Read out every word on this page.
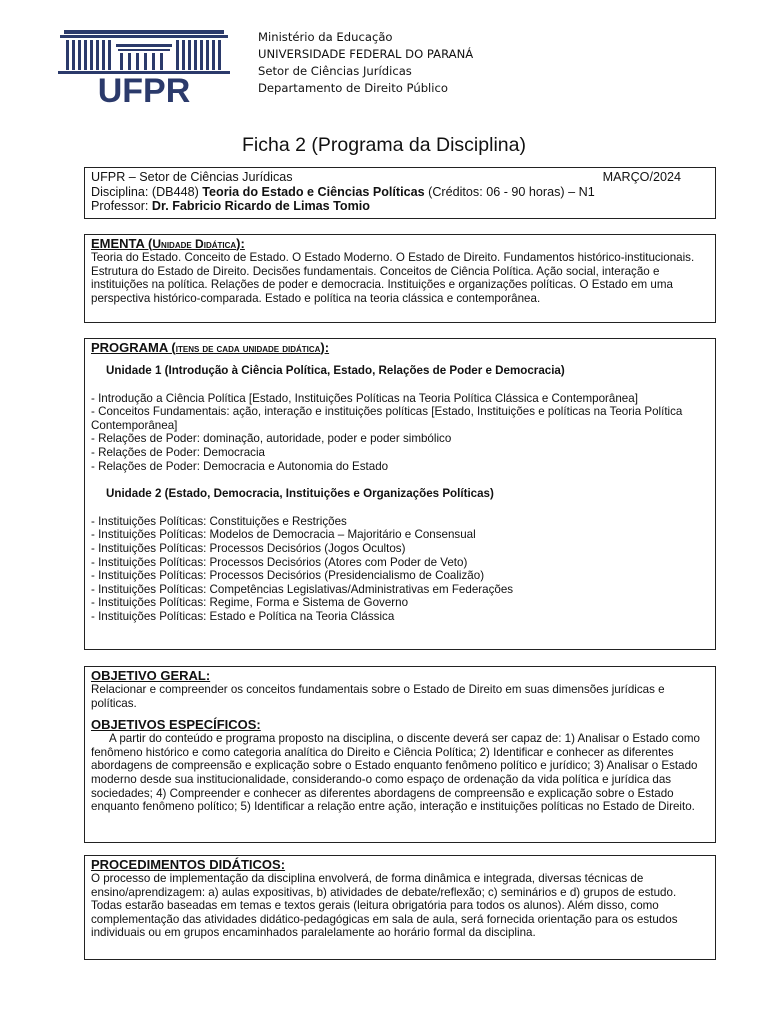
UFPR
Ministério da Educação
UNIVERSIDADE FEDERAL DO PARANÁ
Setor de Ciências Jurídicas
Departamento de Direito Público
Ficha 2 (Programa da Disciplina)
UFPR – Setor de Ciências Jurídicas	MARÇO/2024
Disciplina: (DB448) Teoria do Estado e Ciências Políticas (Créditos: 06 - 90 horas) – N1
Professor: Dr. Fabricio Ricardo de Limas Tomio
EMENTA (Unidade Didática):

Teoria do Estado. Conceito de Estado. O Estado Moderno. O Estado de Direito. Fundamentos histórico-institucionais. Estrutura do Estado de Direito. Decisões fundamentais. Conceitos de Ciência Política. Ação social, interação e instituições na política. Relações de poder e democracia. Instituições e organizações políticas. O Estado em uma perspectiva histórico-comparada. Estado e política na teoria clássica e contemporânea.

PROGRAMA (itens de cada unidade didática):
Unidade 1 (Introdução à Ciência Política, Estado, Relações de Poder e Democracia)
- Introdução a Ciência Política [Estado, Instituições Políticas na Teoria Política Clássica e Contemporânea]
- Conceitos Fundamentais: ação, interação e instituições políticas [Estado, Instituições e políticas na Teoria Política Contemporânea]
- Relações de Poder: dominação, autoridade, poder e poder simbólico
- Relações de Poder: Democracia
- Relações de Poder: Democracia e Autonomia do Estado
Unidade 2 (Estado, Democracia, Instituições e Organizações Políticas)
- Instituições Políticas: Constituições e Restrições
- Instituições Políticas: Modelos de Democracia – Majoritário e Consensual
- Instituições Políticas: Processos Decisórios (Jogos Ocultos)
- Instituições Políticas: Processos Decisórios (Atores com Poder de Veto)
- Instituições Políticas: Processos Decisórios (Presidencialismo de Coalizão)
- Instituições Políticas: Competências Legislativas/Administrativas em Federações
- Instituições Políticas: Regime, Forma e Sistema de Governo
- Instituições Políticas: Estado e Política na Teoria Clássica
OBJETIVO GERAL:

Relacionar e compreender os conceitos fundamentais sobre o Estado de Direito em suas dimensões jurídicas e políticas.

OBJETIVOS ESPECÍFICOS:

A partir do conteúdo e programa proposto na disciplina, o discente deverá ser capaz de: 1) Analisar o Estado como fenômeno histórico e como categoria analítica do Direito e Ciência Política; 2) Identificar e conhecer as diferentes abordagens de compreensão e explicação sobre o Estado enquanto fenômeno político e jurídico; 3) Analisar o Estado moderno desde sua institucionalidade, considerando-o como espaço de ordenação da vida política e jurídica das sociedades; 4) Compreender e conhecer as diferentes abordagens de compreensão e explicação sobre o Estado enquanto fenômeno político; 5) Identificar a relação entre ação, interação e instituições políticas no Estado de Direito.

PROCEDIMENTOS DIDÁTICOS:

O processo de implementação da disciplina envolverá, de forma dinâmica e integrada, diversas técnicas de ensino/aprendizagem: a) aulas expositivas, b) atividades de debate/reflexão; c) seminários e d) grupos de estudo. Todas estarão baseadas em temas e textos gerais (leitura obrigatória para todos os alunos). Além disso, como complementação das atividades didático-pedagógicas em sala de aula, será fornecida orientação para os estudos individuais ou em grupos encaminhados paralelamente ao horário formal da disciplina.
